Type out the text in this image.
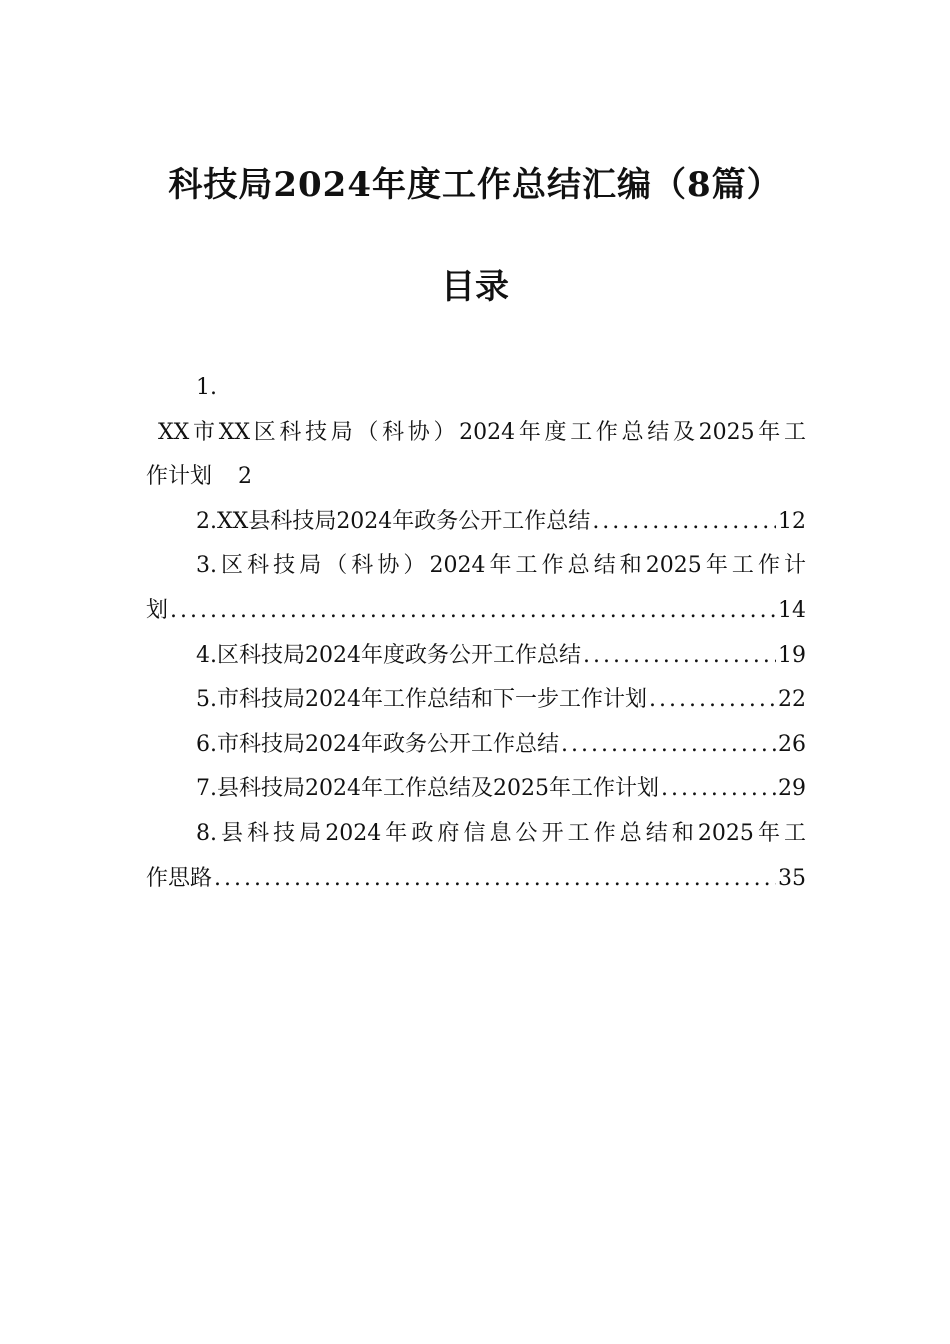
科技局2024年度工作总结汇编（8篇）
目录
1.
XX市XX区科技局（科协）2024年度工作总结及2025年工
作计划 2
2.XX县科技局2024年政务公开工作总结 .....	12
3.区科技局（科协）2024年工作总结和2025年工作计
划 .....	14
4.区科技局2024年度政务公开工作总结 .....	19
5.市科技局2024年工作总结和下一步工作计划 .....	22
6.市科技局2024年政务公开工作总结 .....	26
7.县科技局2024年工作总结及2025年工作计划 .....	29
8.县科技局2024年政府信息公开工作总结和2025年工
作思路 .....	35
